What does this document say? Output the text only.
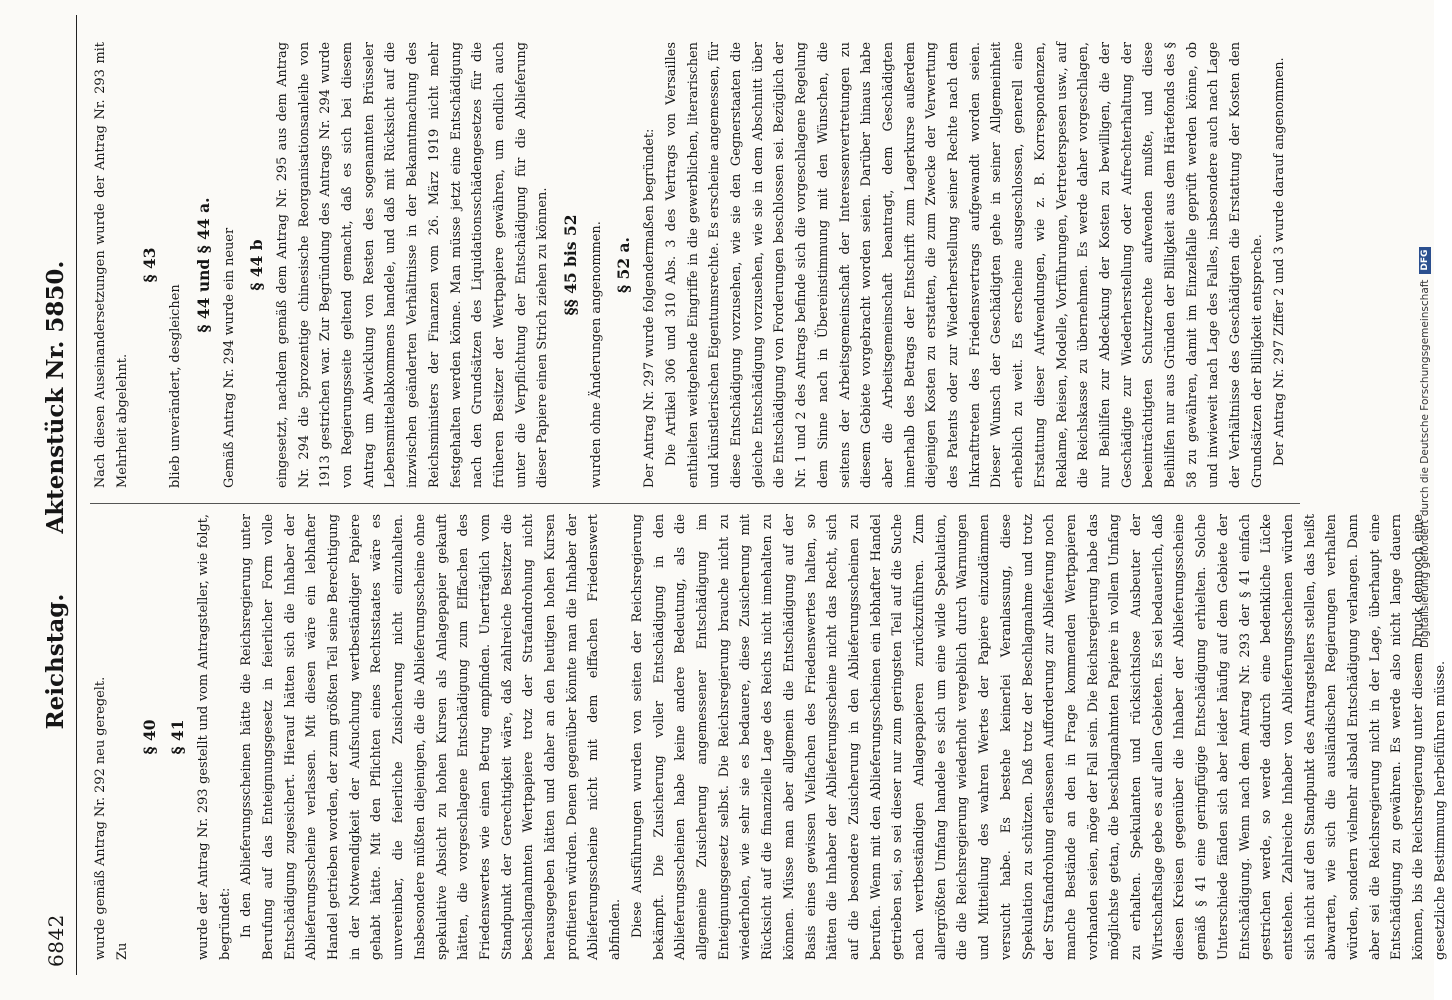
6842
Reichstag.Aktenstück Nr. 5850.

wurde gemäß Antrag Nr. 292 neu geregelt. Zu

§ 40 § 41 wurde der Antrag Nr. 293 gestellt und vom Antragsteller, wie folgt, begründet: In den Ablieferungsscheinen hätte die Reichsregierung unter Berufung auf das Enteignungsgesetz in feierlicher Form volle Entschädigung zugesichert. Hierauf hätten sich die Inhaber der Ablieferungsscheine verlassen. Mit diesen wäre ein lebhafter Handel getrieben worden, der zum größten Teil seine Berechtigung in der Notwendigkeit der Aufsuchung wertbeständiger Papiere gehabt hätte. Mit den Pflichten eines Rechtsstaates wäre es unvereinbar, die feierliche Zusicherung nicht einzuhalten. Insbesondere müßten diejenigen, die die Ablieferungsscheine ohne spekulative Absicht zu hohen Kursen als Anlagepapier gekauft hätten, die vorgeschlagene Entschädigung zum Elffachen des Friedenswertes wie einen Betrug empfinden. Unerträglich vom Standpunkt der Gerechtigkeit wäre, daß zahlreiche Besitzer die beschlagnahmten Wertpapiere trotz der Strafandrohung nicht herausgegeben hätten und daher an den heutigen hohen Kursen profitieren würden. Denen gegenüber könnte man die Inhaber der Ablieferungsscheine nicht mit dem elffachen Friedenswert abfinden. Diese Ausführungen wurden von seiten der Reichsregierung bekämpft. Die Zusicherung voller Entschädigung in den Ablieferungsscheinen habe keine andere Bedeutung, als die allgemeine Zusicherung angemessener Entschädigung im Enteignungsgesetz selbst. Die Reichsregierung brauche nicht zu wiederholen, wie sehr sie es bedauere, diese Zusicherung mit Rücksicht auf die finanzielle Lage des Reichs nicht innehalten zu können. Müsse man aber allgemein die Entschädigung auf der Basis eines gewissen Vielfachen des Friedenswertes halten, so hätten die Inhaber der Ablieferungsscheine nicht das Recht, sich auf die besondere Zusicherung in den Ablieferungsscheinen zu berufen. Wenn mit den Ablieferungsscheinen ein lebhafter Handel getrieben sei, so sei dieser nur zum geringsten Teil auf die Suche nach wertbeständigen Anlagepapieren zurückzuführen. Zum allergrößten Umfang handele es sich um eine wilde Spekulation, die die Reichsregierung wiederholt vergeblich durch Warnungen und Mitteilung des wahren Wertes der Papiere einzudämmen versucht habe. Es bestehe keinerlei Veranlassung, diese Spekulation zu schützen. Daß trotz der Beschlagnahme und trotz der Strafandrohung erlassenen Aufforderung zur Ablieferung noch manche Bestände an den in Frage kommenden Wertpapieren vorhanden seien, möge der Fall sein. Die Reichsregierung habe das möglichste getan, die beschlagnahmten Papiere in vollem Umfang zu erhalten. Spekulanten und rücksichtslose Ausbeuter der Wirtschaftslage gebe es auf allen Gebieten. Es sei bedauerlich, daß diesen Kreisen gegenüber die Inhaber der Ablieferungsscheine gemäß § 41 eine geringfügige Entschädigung erhielten. Solche Unterschiede fänden sich aber leider häufig auf dem Gebiete der Entschädigung. Wenn nach dem Antrag Nr. 293 der § 41 einfach gestrichen werde, so werde dadurch eine bedenkliche Lücke entstehen. Zahlreiche Inhaber von Ablieferungsscheinen würden sich nicht auf den Standpunkt des Antragstellers stellen, das heißt abwarten, wie sich die ausländischen Regierungen verhalten würden, sondern vielmehr alsbald Entschädigung verlangen. Dann aber sei die Reichsregierung nicht in der Lage, überhaupt eine Entschädigung zu gewähren. Es werde also nicht lange dauern können, bis die Reichsregierung unter diesem Druck dennoch eine gesetzliche Bestimmung herbeiführen müsse.

Nach diesen Auseinandersetzungen wurde der Antrag Nr. 293 mit Mehrheit abgelehnt.

§ 43

blieb unverändert, desgleichen

§ 44 und § 44 a. Gemäß Antrag Nr. 294 wurde ein neuer § 44 b eingesetzt, nachdem gemäß dem Antrag Nr. 295 aus dem Antrag Nr. 294 die 5prozentige chinesische Reorganisationsanleihe von 1913 gestrichen war. Zur Begründung des Antrags Nr. 294 wurde von Regierungsseite geltend gemacht, daß es sich bei diesem Antrag um Abwicklung von Resten des sogenannten Brüsseler Lebensmittelabkommens handele, und daß mit Rücksicht auf die inzwischen geänderten Verhältnisse in der Bekanntmachung des Reichsministers der Finanzen vom 26. März 1919 nicht mehr festgehalten werden könne. Man müsse jetzt eine Entschädigung nach den Grundsätzen des Liquidationsschädengesetzes für die früheren Besitzer der Wertpapiere gewähren, um endlich auch unter die Verpflichtung der Entschädigung für die Ablieferung dieser Papiere einen Strich ziehen zu können. §§ 45 bis 52 wurden ohne Änderungen angenommen. § 52 a. Der Antrag Nr. 297 wurde folgendermaßen begründet: Die Artikel 306 und 310 Abs. 3 des Vertrags von Versailles enthielten weitgehende Eingriffe in die gewerblichen, literarischen und künstlerischen Eigentumsrechte. Es erscheine angemessen, für diese Entschädigung vorzusehen, wie sie den Gegnerstaaten die gleiche Entschädigung vorzusehen, wie sie in dem Abschnitt über die Entschädigung von Forderungen beschlossen sei. Bezüglich der Nr. 1 und 2 des Antrags befinde sich die vorgeschlagene Regelung dem Sinne nach in Übereinstimmung mit den Wünschen, die seitens der Arbeitsgemeinschaft der Interessenvertretungen zu diesem Gebiete vorgebracht worden seien. Darüber hinaus habe aber die Arbeitsgemeinschaft beantragt, dem Geschädigten innerhalb des Betrags der Entschrift zum Lagerkurse außerdem diejenigen Kosten zu erstatten, die zum Zwecke der Verwertung des Patents oder zur Wiederherstellung seiner Rechte nach dem Inkrafttreten des Friedensvertrags aufgewandt worden seien. Dieser Wunsch der Geschädigten gehe in seiner Allgemeinheit erheblich zu weit. Es erscheine ausgeschlossen, generell eine Erstattung dieser Aufwendungen, wie z. B. Korrespondenzen, Reklame, Reisen, Modelle, Vorführungen, Vertreterspesen usw., auf die Reichskasse zu übernehmen. Es werde daher vorgeschlagen, nur Beihilfen zur Abdeckung der Kosten zu bewilligen, die der Geschädigte zur Wiederherstellung oder Aufrechterhaltung der beeinträchtigten Schutzrechte aufwenden mußte, und diese Beihilfen nur aus Gründen der Billigkeit aus dem Härtefonds des § 58 zu gewähren, damit im Einzelfalle geprüft werden könne, ob und inwieweit nach Lage des Falles, insbesondere auch nach Lage der Verhältnisse des Geschädigten die Erstattung der Kosten den Grundsätzen der Billigkeit entspreche. Der Antrag Nr. 297 Ziffer 2 und 3 wurde darauf angenommen.	Digitalisierung gefördert durch die Deutsche ForschungsgemeinschaftDFG
